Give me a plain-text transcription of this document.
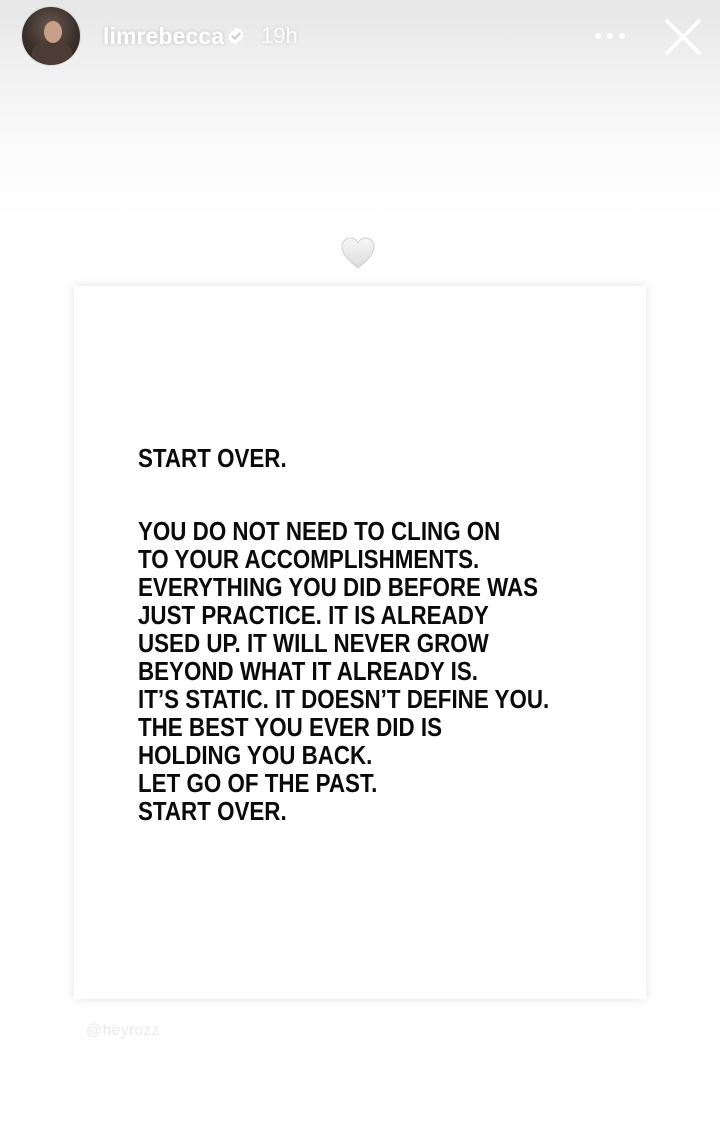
limrebecca 19h
START OVER.
YOU DO NOT NEED TO CLING ON
TO YOUR ACCOMPLISHMENTS.
EVERYTHING YOU DID BEFORE WAS
JUST PRACTICE. IT IS ALREADY
USED UP. IT WILL NEVER GROW
BEYOND WHAT IT ALREADY IS.
IT’S STATIC. IT DOESN’T DEFINE YOU.
THE BEST YOU EVER DID IS
HOLDING YOU BACK.
LET GO OF THE PAST.
START OVER.
@heyrozz
